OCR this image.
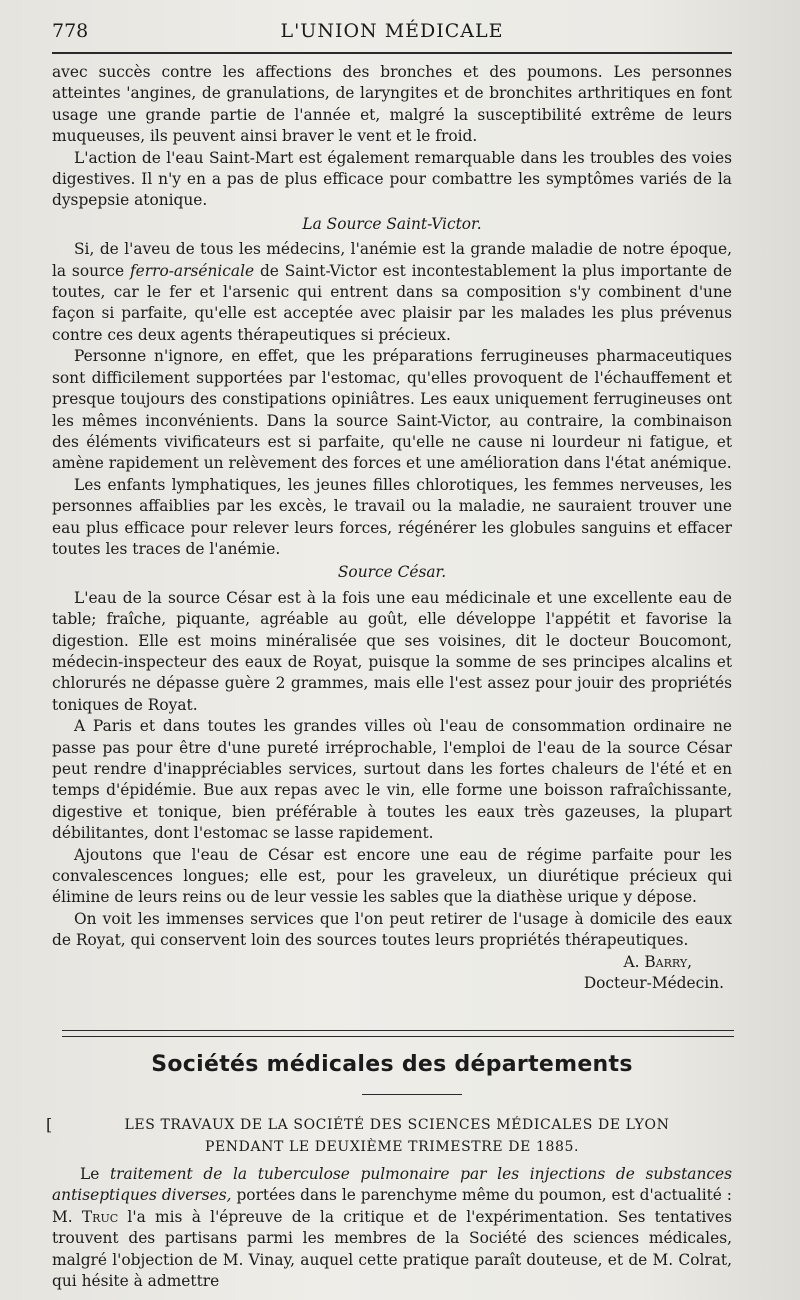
778	L'UNION MÉDICALE

avec succès contre les affections des bronches et des poumons. Les personnes atteintes 'angines, de granulations, de laryngites et de bronchites arthritiques en font usage une grande partie de l'année et, malgré la susceptibilité extrême de leurs muqueuses, ils peuvent ainsi braver le vent et le froid.

L'action de l'eau Saint-Mart est également remarquable dans les troubles des voies digestives. Il n'y en a pas de plus efficace pour combattre les symptômes variés de la dyspepsie atonique.

La Source Saint-Victor.

Si, de l'aveu de tous les médecins, l'anémie est la grande maladie de notre époque, la source ferro-arsénicale de Saint-Victor est incontestablement la plus importante de toutes, car le fer et l'arsenic qui entrent dans sa composition s'y combinent d'une façon si parfaite, qu'elle est acceptée avec plaisir par les malades les plus prévenus contre ces deux agents thérapeutiques si précieux.

Personne n'ignore, en effet, que les préparations ferrugineuses pharmaceutiques sont difficilement supportées par l'estomac, qu'elles provoquent de l'échauffement et presque toujours des constipations opiniâtres. Les eaux uniquement ferrugineuses ont les mêmes inconvénients. Dans la source Saint-Victor, au contraire, la combinaison des éléments vivificateurs est si parfaite, qu'elle ne cause ni lourdeur ni fatigue, et amène rapidement un relèvement des forces et une amélioration dans l'état anémique.

Les enfants lymphatiques, les jeunes filles chlorotiques, les femmes nerveuses, les personnes affaiblies par les excès, le travail ou la maladie, ne sauraient trouver une eau plus efficace pour relever leurs forces, régénérer les globules sanguins et effacer toutes les traces de l'anémie.

Source César.

L'eau de la source César est à la fois une eau médicinale et une excellente eau de table; fraîche, piquante, agréable au goût, elle développe l'appétit et favorise la digestion. Elle est moins minéralisée que ses voisines, dit le docteur Boucomont, médecin-inspecteur des eaux de Royat, puisque la somme de ses principes alcalins et chlorurés ne dépasse guère 2 grammes, mais elle l'est assez pour jouir des propriétés toniques de Royat.

A Paris et dans toutes les grandes villes où l'eau de consommation ordinaire ne passe pas pour être d'une pureté irréprochable, l'emploi de l'eau de la source César peut rendre d'inappréciables services, surtout dans les fortes chaleurs de l'été et en temps d'épidémie. Bue aux repas avec le vin, elle forme une boisson rafraîchissante, digestive et tonique, bien préférable à toutes les eaux très gazeuses, la plupart débilitantes, dont l'estomac se lasse rapidement.

Ajoutons que l'eau de César est encore une eau de régime parfaite pour les convalescences longues; elle est, pour les graveleux, un diurétique précieux qui élimine de leurs reins ou de leur vessie les sables que la diathèse urique y dépose.

On voit les immenses services que l'on peut retirer de l'usage à domicile des eaux de Royat, qui conservent loin des sources toutes leurs propriétés thérapeutiques.

A. Barry,
Docteur-Médecin.
Sociétés médicales des départements
[	LES TRAVAUX DE LA SOCIÉTÉ DES SCIENCES MÉDICALES DE LYON
PENDANT LE DEUXIÈME TRIMESTRE DE 1885.

Le traitement de la tuberculose pulmonaire par les injections de substances antiseptiques diverses, portées dans le parenchyme même du poumon, est d'actualité : M. Truc l'a mis à l'épreuve de la critique et de l'expérimentation. Ses tentatives trouvent des partisans parmi les membres de la Société des sciences médicales, malgré l'objection de M. Vinay, auquel cette pratique paraît douteuse, et de M. Colrat, qui hésite à admettre
